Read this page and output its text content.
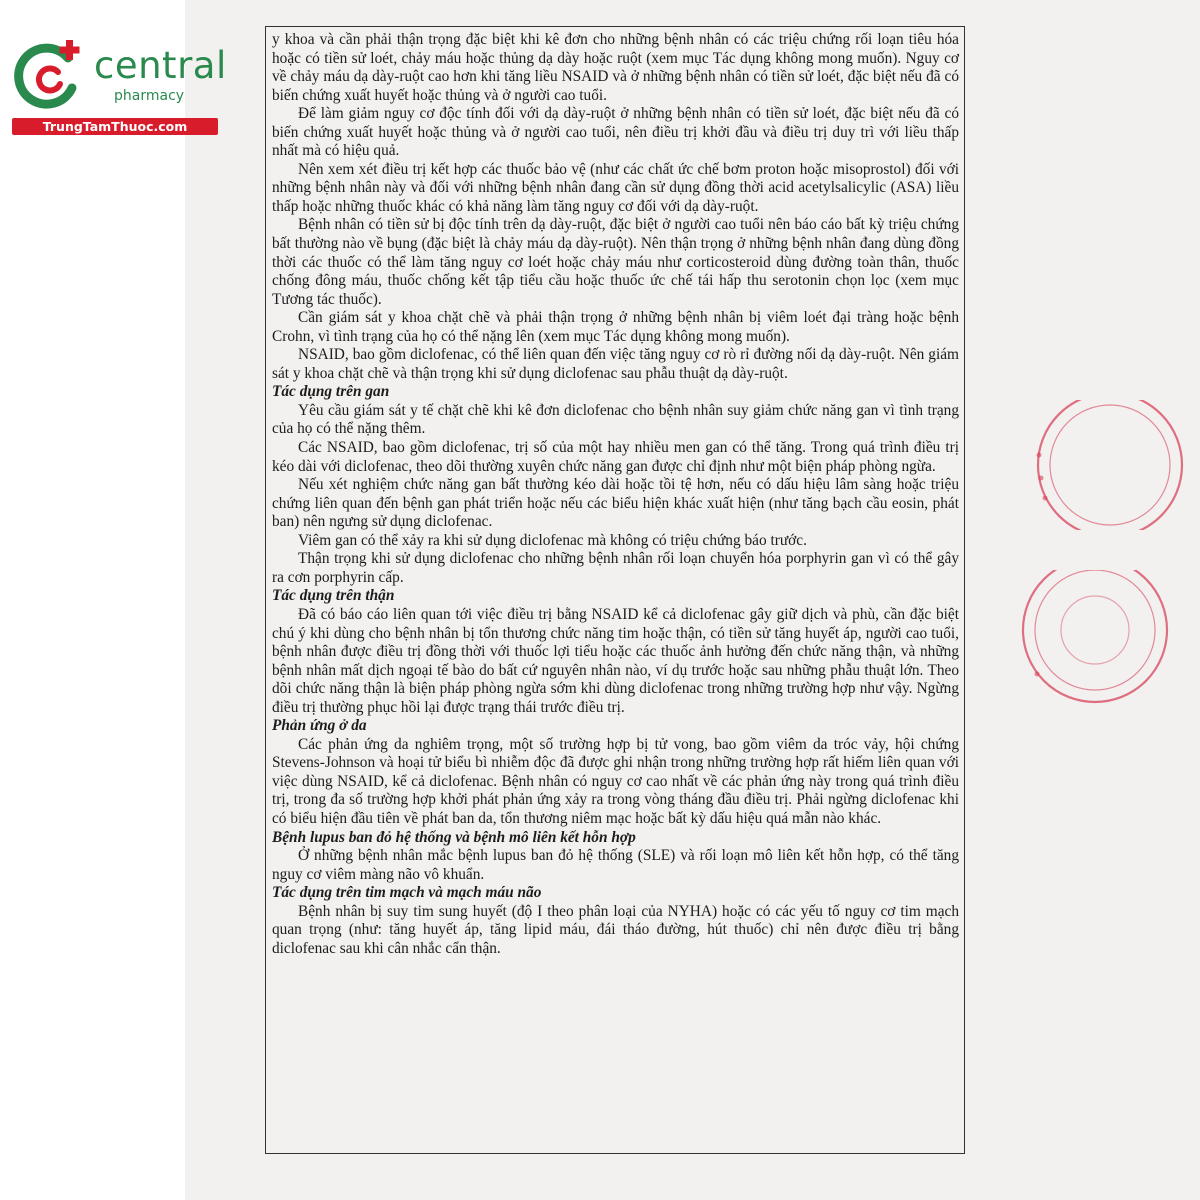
central
pharmacy
TrungTamThuoc.com

y khoa và cần phải thận trọng đặc biệt khi kê đơn cho những bệnh nhân có các triệu chứng rối loạn tiêu hóa hoặc có tiền sử loét, chảy máu hoặc thủng dạ dày hoặc ruột (xem mục Tác dụng không mong muốn). Nguy cơ về chảy máu dạ dày-ruột cao hơn khi tăng liều NSAID và ở những bệnh nhân có tiền sử loét, đặc biệt nếu đã có biến chứng xuất huyết hoặc thủng và ở người cao tuổi.

Để làm giảm nguy cơ độc tính đối với dạ dày-ruột ở những bệnh nhân có tiền sử loét, đặc biệt nếu đã có biến chứng xuất huyết hoặc thủng và ở người cao tuổi, nên điều trị khởi đầu và điều trị duy trì với liều thấp nhất mà có hiệu quả.

Nên xem xét điều trị kết hợp các thuốc bảo vệ (như các chất ức chế bơm proton hoặc misoprostol) đối với những bệnh nhân này và đối với những bệnh nhân đang cần sử dụng đồng thời acid acetylsalicylic (ASA) liều thấp hoặc những thuốc khác có khả năng làm tăng nguy cơ đối với dạ dày-ruột.

Bệnh nhân có tiền sử bị độc tính trên dạ dày-ruột, đặc biệt ở người cao tuổi nên báo cáo bất kỳ triệu chứng bất thường nào về bụng (đặc biệt là chảy máu dạ dày-ruột). Nên thận trọng ở những bệnh nhân đang dùng đồng thời các thuốc có thể làm tăng nguy cơ loét hoặc chảy máu như corticosteroid dùng đường toàn thân, thuốc chống đông máu, thuốc chống kết tập tiểu cầu hoặc thuốc ức chế tái hấp thu serotonin chọn lọc (xem mục Tương tác thuốc).

Cần giám sát y khoa chặt chẽ và phải thận trọng ở những bệnh nhân bị viêm loét đại tràng hoặc bệnh Crohn, vì tình trạng của họ có thể nặng lên (xem mục Tác dụng không mong muốn).

NSAID, bao gồm diclofenac, có thể liên quan đến việc tăng nguy cơ rò rỉ đường nối dạ dày-ruột. Nên giám sát y khoa chặt chẽ và thận trọng khi sử dụng diclofenac sau phẫu thuật dạ dày-ruột.

Tác dụng trên gan

Yêu cầu giám sát y tế chặt chẽ khi kê đơn diclofenac cho bệnh nhân suy giảm chức năng gan vì tình trạng của họ có thể nặng thêm.

Các NSAID, bao gồm diclofenac, trị số của một hay nhiều men gan có thể tăng. Trong quá trình điều trị kéo dài với diclofenac, theo dõi thường xuyên chức năng gan được chỉ định như một biện pháp phòng ngừa.

Nếu xét nghiệm chức năng gan bất thường kéo dài hoặc tồi tệ hơn, nếu có dấu hiệu lâm sàng hoặc triệu chứng liên quan đến bệnh gan phát triển hoặc nếu các biểu hiện khác xuất hiện (như tăng bạch cầu eosin, phát ban) nên ngưng sử dụng diclofenac.

Viêm gan có thể xảy ra khi sử dụng diclofenac mà không có triệu chứng báo trước.

Thận trọng khi sử dụng diclofenac cho những bệnh nhân rối loạn chuyển hóa porphyrin gan vì có thể gây ra cơn porphyrin cấp.

Tác dụng trên thận

Đã có báo cáo liên quan tới việc điều trị bằng NSAID kể cả diclofenac gây giữ dịch và phù, cần đặc biệt chú ý khi dùng cho bệnh nhân bị tổn thương chức năng tim hoặc thận, có tiền sử tăng huyết áp, người cao tuổi, bệnh nhân được điều trị đồng thời với thuốc lợi tiểu hoặc các thuốc ảnh hưởng đến chức năng thận, và những bệnh nhân mất dịch ngoại tế bào do bất cứ nguyên nhân nào, ví dụ trước hoặc sau những phẫu thuật lớn. Theo dõi chức năng thận là biện pháp phòng ngừa sớm khi dùng diclofenac trong những trường hợp như vậy. Ngừng điều trị thường phục hồi lại được trạng thái trước điều trị.

Phản ứng ở da

Các phản ứng da nghiêm trọng, một số trường hợp bị tử vong, bao gồm viêm da tróc vảy, hội chứng Stevens-Johnson và hoại tử biểu bì nhiễm độc đã được ghi nhận trong những trường hợp rất hiếm liên quan với việc dùng NSAID, kể cả diclofenac. Bệnh nhân có nguy cơ cao nhất về các phản ứng này trong quá trình điều trị, trong đa số trường hợp khởi phát phản ứng xảy ra trong vòng tháng đầu điều trị. Phải ngừng diclofenac khi có biểu hiện đầu tiên về phát ban da, tổn thương niêm mạc hoặc bất kỳ dấu hiệu quá mẫn nào khác.

Bệnh lupus ban đỏ hệ thống và bệnh mô liên kết hỗn hợp

Ở những bệnh nhân mắc bệnh lupus ban đỏ hệ thống (SLE) và rối loạn mô liên kết hỗn hợp, có thể tăng nguy cơ viêm màng não vô khuẩn.

Tác dụng trên tim mạch và mạch máu não

Bệnh nhân bị suy tim sung huyết (độ I theo phân loại của NYHA) hoặc có các yếu tố nguy cơ tim mạch quan trọng (như: tăng huyết áp, tăng lipid máu, đái tháo đường, hút thuốc) chỉ nên được điều trị bằng diclofenac sau khi cân nhắc cẩn thận.
